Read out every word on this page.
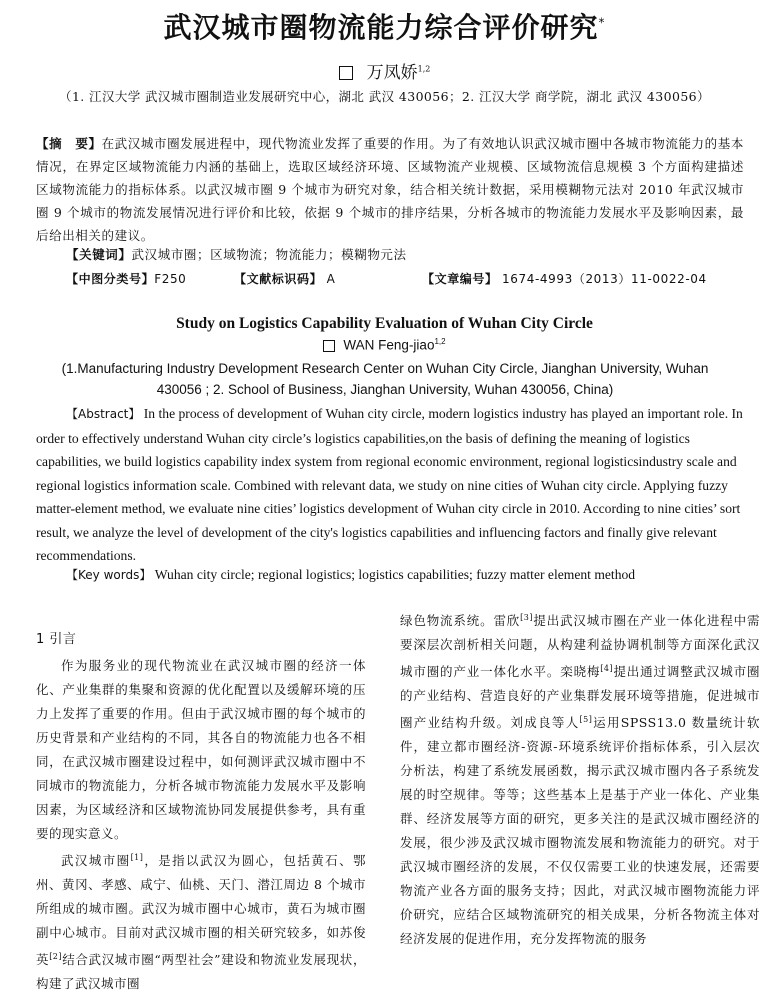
武汉城市圈物流能力综合评价研究*
万凤娇$^{1,2}$
（1. 江汉大学 武汉城市圈制造业发展研究中心，湖北 武汉 430056；2. 江汉大学 商学院，湖北 武汉 430056）
【摘　要】在武汉城市圈发展进程中，现代物流业发挥了重要的作用。为了有效地认识武汉城市圈中各城市物流能力的基本情况，在界定区域物流能力内涵的基础上，选取区域经济环境、区域物流产业规模、区域物流信息规模 3 个方面构建描述区域物流能力的指标体系。以武汉城市圈 9 个城市为研究对象，结合相关统计数据，采用模糊物元法对 2010 年武汉城市圈 9 个城市的物流发展情况进行评价和比较，依据 9 个城市的排序结果，分析各城市的物流能力发展水平及影响因素，最后给出相关的建议。
【关键词】武汉城市圈；区域物流；物流能力；模糊物元法
【中图分类号】F250	【文献标识码】 A	【文章编号】 1674-4993（2013）11-0022-04
Study on Logistics Capability Evaluation of Wuhan City Circle
WAN Feng-jiao$^{1,2}$
(1.Manufacturing Industry Development Research Center on Wuhan City Circle, Jianghan University, Wuhan 430056 ; 2. School of Business, Jianghan University, Wuhan 430056, China)
【Abstract】 In the process of development of Wuhan city circle, modern logistics industry has played an important role. In order to effectively understand Wuhan city circle’s logistics capabilities,on the basis of defining the meaning of logistics capabilities, we build logistics capability index system from regional economic environment, regional logisticsindustry scale and regional logistics information scale. Combined with relevant data, we study on nine cities of Wuhan city circle. Applying fuzzy matter-element method, we evaluate nine cities’ logistics development of Wuhan city circle in 2010. According to nine cities’ sort result, we analyze the level of development of the city's logistics capabilities and influencing factors and finally give relevant recommendations.
【Key words】 Wuhan city circle; regional logistics; logistics capabilities; fuzzy matter element method
1 引言

作为服务业的现代物流业在武汉城市圈的经济一体化、产业集群的集聚和资源的优化配置以及缓解环境的压力上发挥了重要的作用。但由于武汉城市圈的每个城市的历史背景和产业结构的不同，其各自的物流能力也各不相同，在武汉城市圈建设过程中，如何测评武汉城市圈中不同城市的物流能力，分析各城市物流能力发展水平及影响因素，为区域经济和区域物流协同发展提供参考，具有重要的现实意义。

武汉城市圈[1]，是指以武汉为圆心，包括黄石、鄂州、黄冈、孝感、咸宁、仙桃、天门、潜江周边 8 个城市所组成的城市圈。武汉为城市圈中心城市，黄石为城市圈副中心城市。目前对武汉城市圈的相关研究较多，如苏俊英[2]结合武汉城市圈“两型社会”建设和物流业发展现状，构建了武汉城市圈

绿色物流系统。雷欣[3]提出武汉城市圈在产业一体化进程中需要深层次剖析相关问题，从构建利益协调机制等方面深化武汉城市圈的产业一体化水平。栾晓梅[4]提出通过调整武汉城市圈的产业结构、营造良好的产业集群发展环境等措施，促进城市圈产业结构升级。刘成良等人[5]运用SPSS13.0 数量统计软件，建立都市圈经济-资源-环境系统评价指标体系，引入层次分析法，构建了系统发展函数，揭示武汉城市圈内各子系统发展的时空规律。等等；这些基本上是基于产业一体化、产业集群、经济发展等方面的研究，更多关注的是武汉城市圈经济的发展，很少涉及武汉城市圈物流发展和物流能力的研究。对于武汉城市圈经济的发展，不仅仅需要工业的快速发展，还需要物流产业各方面的服务支持；因此，对武汉城市圈物流能力评价研究，应结合区域物流研究的相关成果，分析各物流主体对经济发展的促进作用，充分发挥物流的服务
